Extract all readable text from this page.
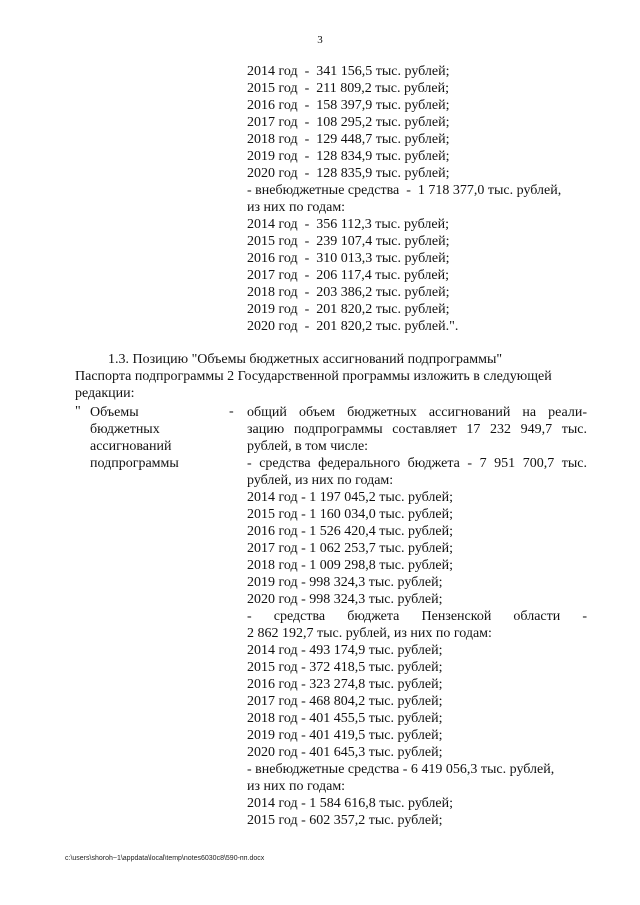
3
2014 год  -  341 156,5 тыс. рублей;
2015 год  -  211 809,2 тыс. рублей;
2016 год  -  158 397,9 тыс. рублей;
2017 год  -  108 295,2 тыс. рублей;
2018 год  -  129 448,7 тыс. рублей;
2019 год  -  128 834,9 тыс. рублей;
2020 год  -  128 835,9 тыс. рублей;
- внебюджетные средства  -  1 718 377,0 тыс. рублей,
из них по годам:
2014 год  -  356 112,3 тыс. рублей;
2015 год  -  239 107,4 тыс. рублей;
2016 год  -  310 013,3 тыс. рублей;
2017 год  -  206 117,4 тыс. рублей;
2018 год  -  203 386,2 тыс. рублей;
2019 год  -  201 820,2 тыс. рублей;
2020 год  -  201 820,2 тыс. рублей.".
1.3. Позицию "Объемы бюджетных ассигнований подпрограммы"
Паспорта подпрограммы 2 Государственной программы изложить в следующей
редакции:
" Объемы
бюджетных
ассигнований
подпрограммы
- общий объем бюджетных ассигнований на реали-
зацию подпрограммы составляет 17 232 949,7 тыс.
рублей, в том числе:
- средства федерального бюджета - 7 951 700,7 тыс.
рублей, из них по годам:
2014 год - 1 197 045,2 тыс. рублей;
2015 год - 1 160 034,0 тыс. рублей;
2016 год - 1 526 420,4 тыс. рублей;
2017 год - 1 062 253,7 тыс. рублей;
2018 год - 1 009 298,8 тыс. рублей;
2019 год - 998 324,3 тыс. рублей;
2020 год - 998 324,3 тыс. рублей;
- средства бюджета Пензенской области -
2 862 192,7 тыс. рублей, из них по годам:
2014 год - 493 174,9 тыс. рублей;
2015 год - 372 418,5 тыс. рублей;
2016 год - 323 274,8 тыс. рублей;
2017 год - 468 804,2 тыс. рублей;
2018 год - 401 455,5 тыс. рублей;
2019 год - 401 419,5 тыс. рублей;
2020 год - 401 645,3 тыс. рублей;
- внебюджетные средства - 6 419 056,3 тыс. рублей,
из них по годам:
2014 год - 1 584 616,8 тыс. рублей;
2015 год - 602 357,2 тыс. рублей;
c:\users\shoroh~1\appdata\local\temp\notes6030c8\590-пп.docx
